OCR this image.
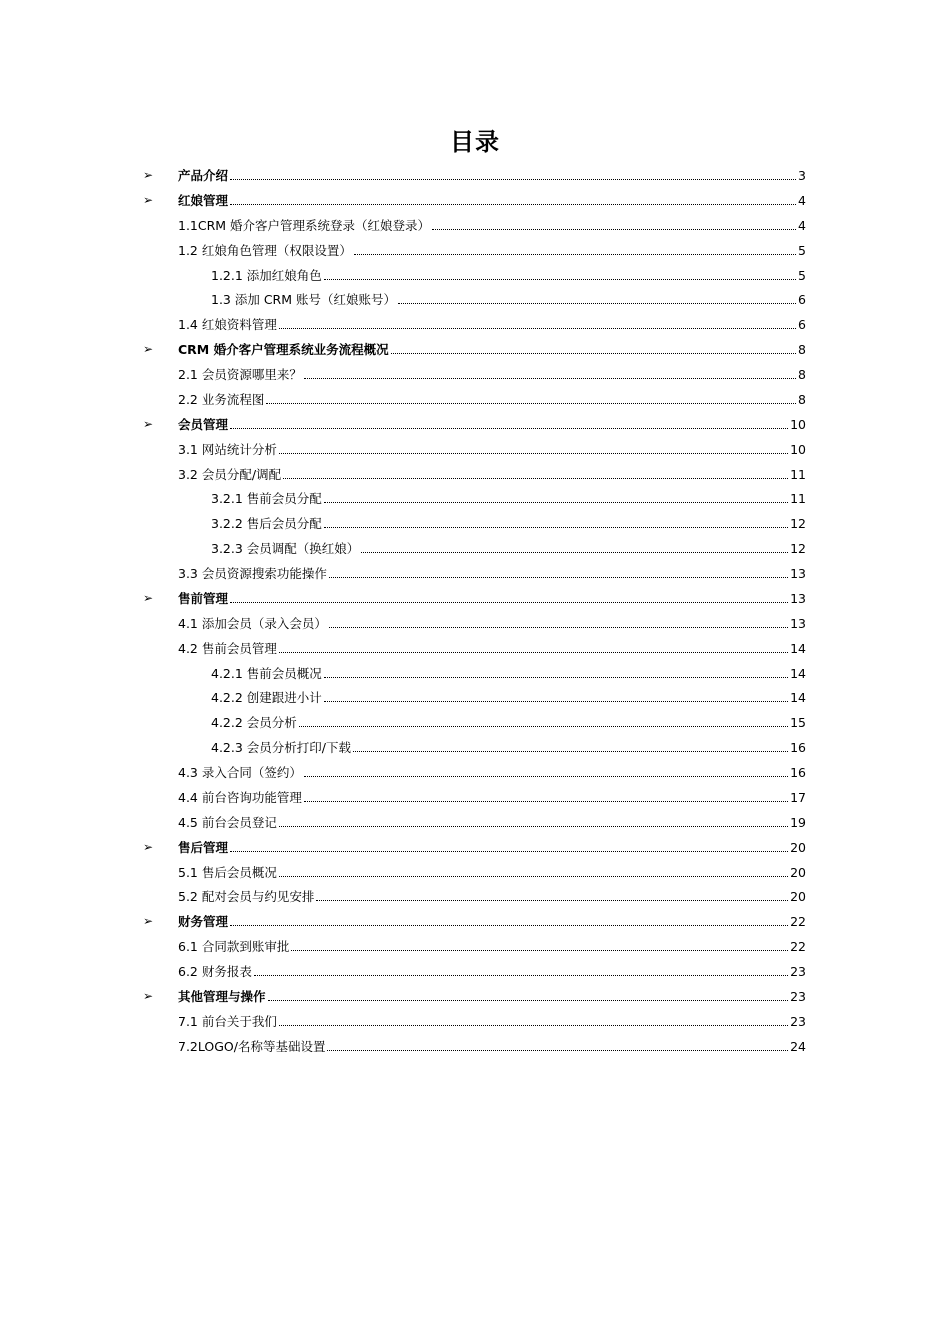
目录
➢ 产品介绍	3
➢ 红娘管理	4
1.1CRM 婚介客户管理系统登录（红娘登录）	4
1.2 红娘角色管理（权限设置）	5
1.2.1 添加红娘角色	5
1.3 添加 CRM 账号（红娘账号）	6
1.4 红娘资料管理	6
➢ CRM 婚介客户管理系统业务流程概况	8
2.1 会员资源哪里来？	8
2.2 业务流程图	8
➢ 会员管理	10
3.1 网站统计分析	10
3.2 会员分配/调配	11
3.2.1 售前会员分配	11
3.2.2 售后会员分配	12
3.2.3 会员调配（换红娘）	12
3.3 会员资源搜索功能操作	13
➢ 售前管理	13
4.1 添加会员（录入会员）	13
4.2 售前会员管理	14
4.2.1 售前会员概况	14
4.2.2 创建跟进小计	14
4.2.2 会员分析	15
4.2.3 会员分析打印/下载	16
4.3 录入合同（签约）	16
4.4 前台咨询功能管理	17
4.5 前台会员登记	19
➢ 售后管理	20
5.1 售后会员概况	20
5.2 配对会员与约见安排	20
➢ 财务管理	22
6.1 合同款到账审批	22
6.2 财务报表	23
➢ 其他管理与操作	23
7.1 前台关于我们	23
7.2LOGO/名称等基础设置	24
